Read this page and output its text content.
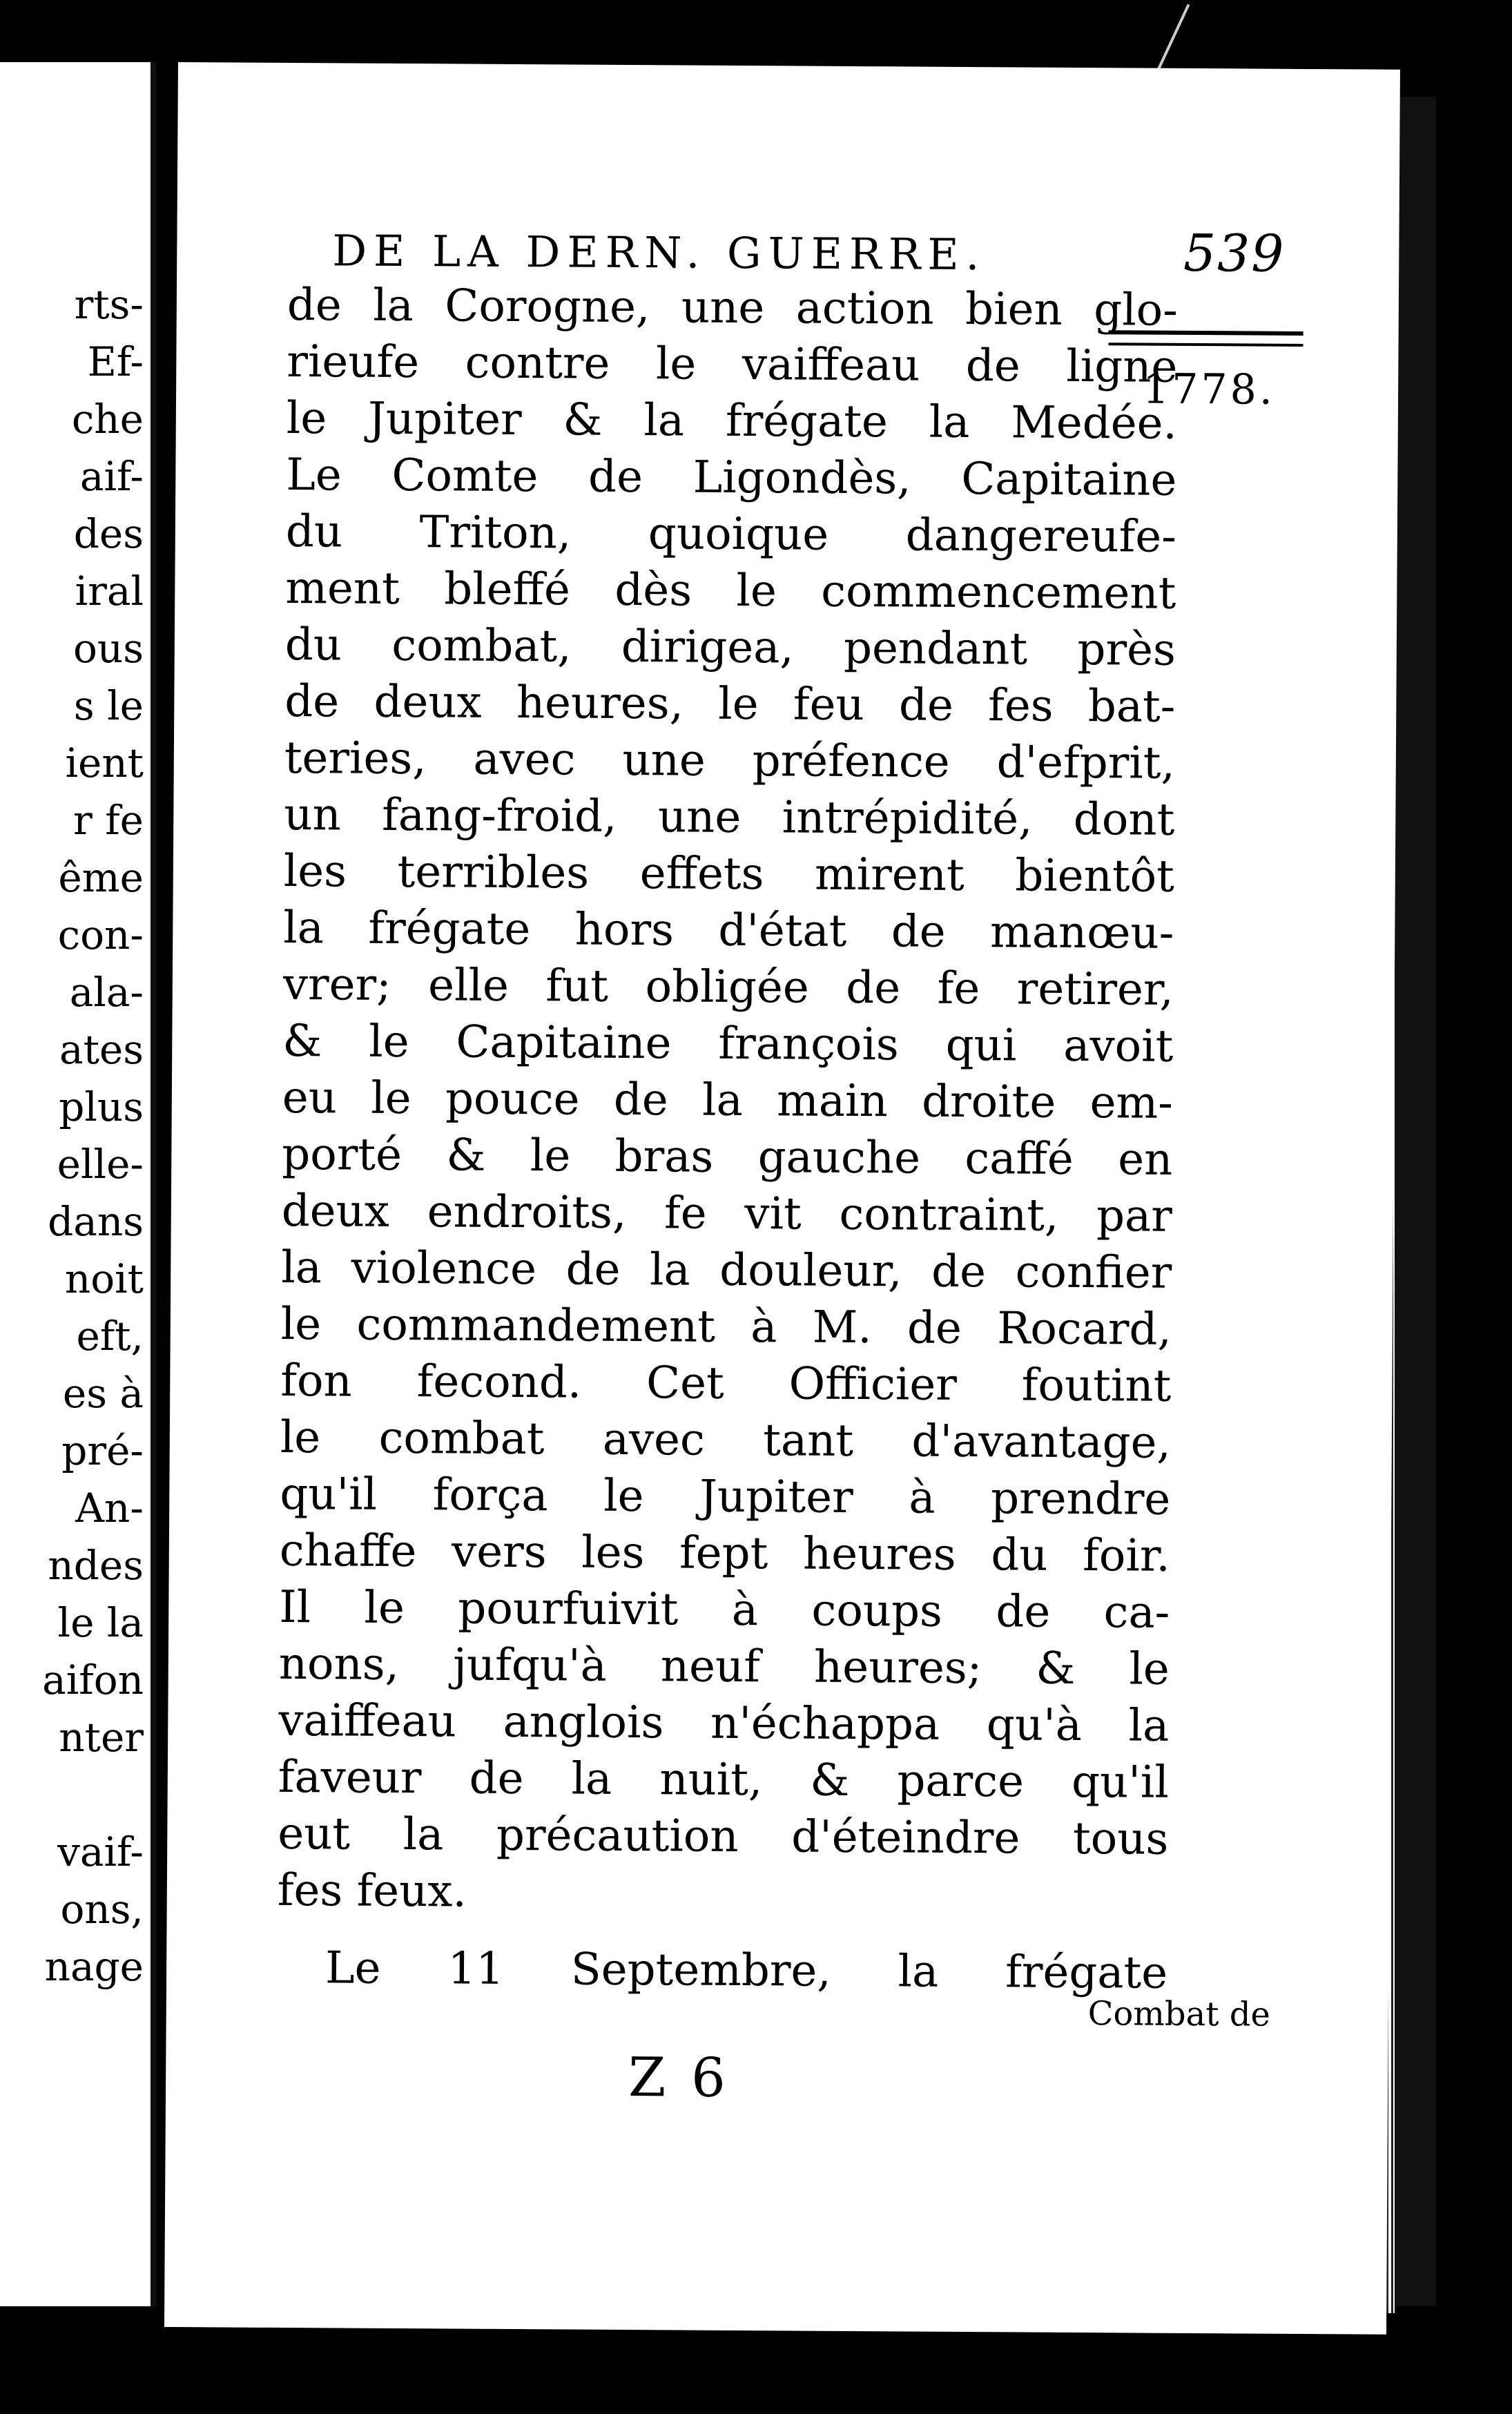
rts-
Ef-
che
aif-
des
iral
ous
s le
ient
r fe
ême
con-
ala-
ates
plus
elle-
dans
noit
eft,
es à
pré-
An-
ndes
le la
aifon
nter
vaif-
ons,
nage
DE LA DERN. GUERRE.	539
1778.
de la Corogne, une action bien glo-
rieufe contre le vaiffeau de ligne
le Jupiter & la frégate la Medée.
Le Comte de Ligondès, Capitaine
du Triton, quoique dangereufe-
ment bleffé dès le commencement
du combat, dirigea, pendant près
de deux heures, le feu de fes bat-
teries, avec une préfence d'efprit,
un fang-froid, une intrépidité, dont
les terribles effets mirent bientôt
la frégate hors d'état de manœu-
vrer; elle fut obligée de fe retirer,
& le Capitaine françois qui avoit
eu le pouce de la main droite em-
porté & le bras gauche caffé en
deux endroits, fe vit contraint, par
la violence de la douleur, de confier
le commandement à M. de Rocard,
fon fecond. Cet Officier foutint
le combat avec tant d'avantage,
qu'il força le Jupiter à prendre
chaffe vers les fept heures du foir.
Il le pourfuivit à coups de ca-
nons, jufqu'à neuf heures; & le
vaiffeau anglois n'échappa qu'à la
faveur de la nuit, & parce qu'il
eut la précaution d'éteindre tous
fes feux.
Le 11 Septembre, la frégate
Combat de
Z 6
